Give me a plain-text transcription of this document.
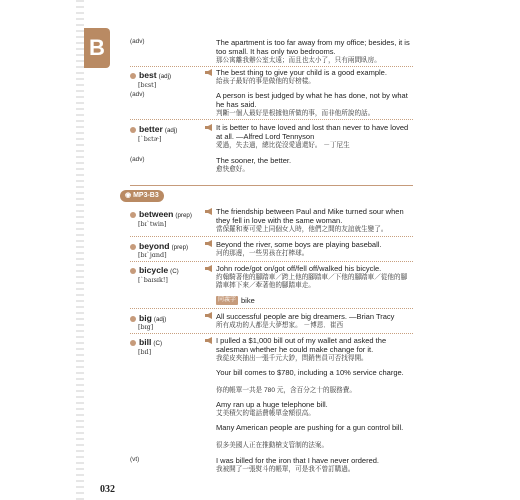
B
032
(adv)	The apartment is too far away from my office; besides, it is too small. It has only two bedrooms.
那公寓離我辦公室太遠；而且也太小了，只有兩間臥房。
best (adj)
[bɛst]
The best thing to give your child is a good example.
給孩子最好的事是做他的好榜樣。
(adv)	A person is best judged by what he has done, not by what he has said.
判斷一個人最好是根據他所做的事，而非他所說的話。
better (adj)
[ˋbɛtɚ]
It is better to have loved and lost than never to have loved at all. —Alfred Lord Tennyson
愛過，失去過，總比從沒愛過還好。 －丁尼生
(adv)	The sooner, the better.
愈快愈好。
◉ MP3-B3
between (prep)
[bɪˋtwin]
The friendship between Paul and Mike turned sour when they fell in love with the same woman.
當保羅和麥可愛上同個女人時，他們之間的友誼就生變了。
beyond (prep)
[bɪˋjɑnd]
Beyond the river, some boys are playing baseball.
河的那邊，一些男孩在打棒球。
bicycle (C)
[ˋbaɪsɪk!]
John rode/got on/got off/fell off/walked his bicycle.
約翰騎著他的腳踏車／跨上他的腳踏車／下他的腳踏車／從他的腳踏車摔下來／牽著他的腳踏車走。
同義字 bike
big (adj)
[bɪg]
All successful people are big dreamers. —Brian Tracy
所有成功的人都是大夢想家。 －博恩．崔西
bill (C)
[bɪl]
I pulled a $1,000 bill out of my wallet and asked the salesman whether he could make change for it.
我從皮夾抽出一張千元大鈔，問銷售員可否找得開。
Your bill comes to $780, including a 10% service charge.
你的帳單一共是 780 元，含百分之十的服務費。
Amy ran up a huge telephone bill.
艾美積欠的電話費帳單金額很高。
Many American people are pushing for a gun control bill.
很多美國人正在推動槍支管制的法案。
(vt)	I was billed for the iron that I have never ordered.
我被開了一張熨斗的帳單，可是我不曾訂購過。
